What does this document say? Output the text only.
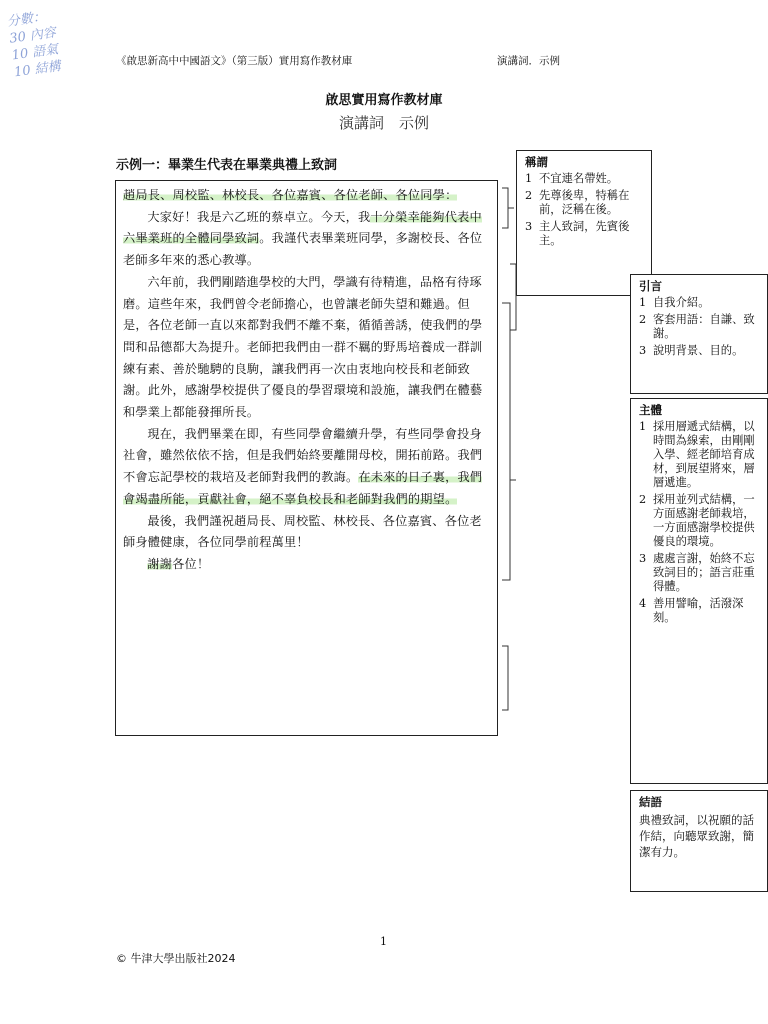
分數：
30 內容
10 語氣
10 結構	《啟思新高中中國語文》（第三版）實用寫作教材庫	演講詞．示例
啟思實用寫作教材庫
演講詞　示例
示例一：畢業生代表在畢業典禮上致詞

趙局長、周校監、林校長、各位嘉賓、各位老師、各位同學：

大家好！我是六乙班的蔡卓立。今天，我十分榮幸能夠代表中六畢業班的全體同學致詞。我謹代表畢業班同學，多謝校長、各位老師多年來的悉心教導。

六年前，我們剛踏進學校的大門，學識有待精進，品格有待琢磨。這些年來，我們曾令老師擔心，也曾讓老師失望和難過。但是，各位老師一直以來都對我們不離不棄，循循善誘，使我們的學問和品德都大為提升。老師把我們由一群不羈的野馬培養成一群訓練有素、善於馳騁的良駒，讓我們再一次由衷地向校長和老師致謝。此外，感謝學校提供了優良的學習環境和設施，讓我們在體藝和學業上都能發揮所長。

現在，我們畢業在即，有些同學會繼續升學，有些同學會投身社會，雖然依依不捨，但是我們始終要離開母校，開拓前路。我們不會忘記學校的栽培及老師對我們的教誨。在未來的日子裏，我們會竭盡所能，貢獻社會，絕不辜負校長和老師對我們的期望。

最後，我們謹祝趙局長、周校監、林校長、各位嘉賓、各位老師身體健康，各位同學前程萬里！

謝謝各位！

稱謂
1 不宜連名帶姓。
2 先尊後卑，特稱在前，泛稱在後。
3 主人致詞，先賓後主。
引言
1 自我介紹。
2 客套用語：自謙、致謝。
3 說明背景、目的。
主體
1 採用層遞式結構，以時間為線索，由剛剛入學、經老師培育成材，到展望將來，層層遞進。
2 採用並列式結構，一方面感謝老師栽培，一方面感謝學校提供優良的環境。
3 處處言謝，始終不忘致詞目的；語言莊重得體。
4 善用譬喻，活潑深刻。
結語

典禮致詞，以祝願的話作結，向聽眾致謝，簡潔有力。

1
© 牛津大學出版社2024
